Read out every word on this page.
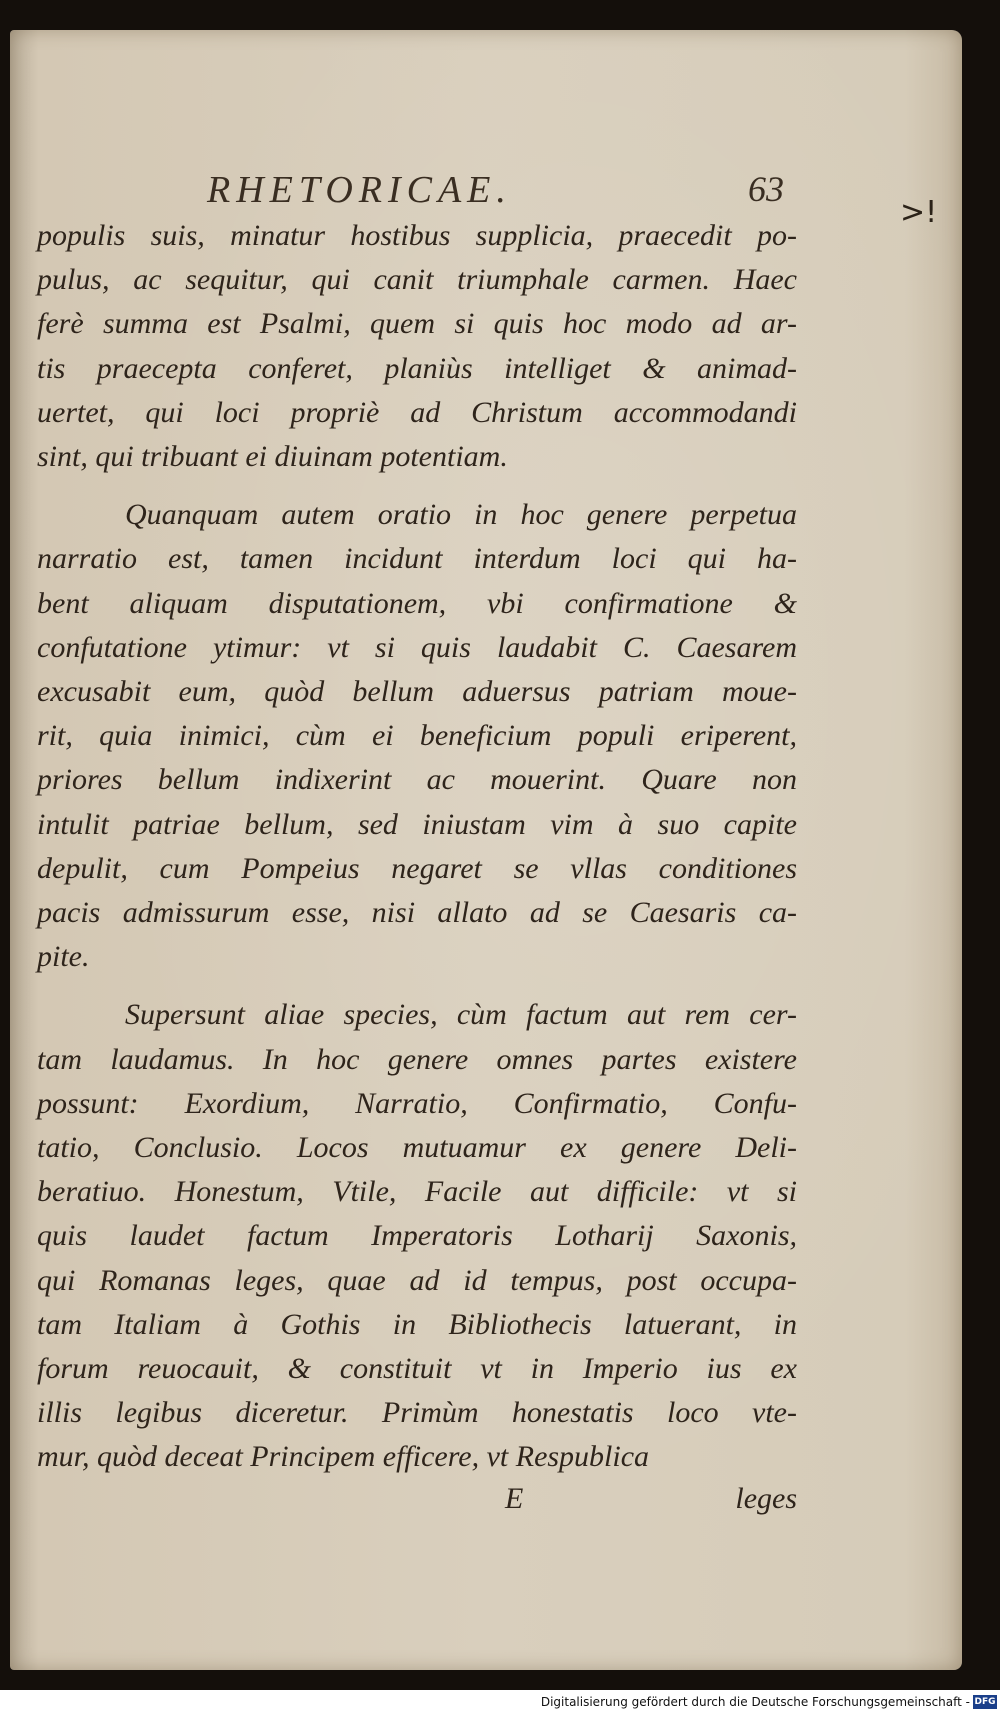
RHETORICAE.	63
>!
populis suis, minatur hostibus supplicia, praecedit po-
pulus, ac sequitur, qui canit triumphale carmen. Haec
ferè summa est Psalmi, quem si quis hoc modo ad ar-
tis praecepta conferet, planiùs intelliget & animad-
uertet, qui loci propriè ad Christum accommodandi
sint, qui tribuant ei diuinam potentiam.
Quanquam autem oratio in hoc genere perpetua
narratio est, tamen incidunt interdum loci qui ha-
bent aliquam disputationem, vbi confirmatione &
confutatione ytimur: vt si quis laudabit C. Caesarem
excusabit eum, quòd bellum aduersus patriam moue-
rit, quia inimici, cùm ei beneficium populi eriperent,
priores bellum indixerint ac mouerint. Quare non
intulit patriae bellum, sed iniustam vim à suo capite
depulit, cum Pompeius negaret se vllas conditiones
pacis admissurum esse, nisi allato ad se Caesaris ca-
pite.
Supersunt aliae species, cùm factum aut rem cer-
tam laudamus. In hoc genere omnes partes existere
possunt: Exordium, Narratio, Confirmatio, Confu-
tatio, Conclusio. Locos mutuamur ex genere Deli-
beratiuo. Honestum, Vtile, Facile aut difficile: vt si
quis laudet factum Imperatoris Lotharij Saxonis,
qui Romanas leges, quae ad id tempus, post occupa-
tam Italiam à Gothis in Bibliothecis latuerant, in
forum reuocauit, & constituit vt in Imperio ius ex
illis legibus diceretur. Primùm honestatis loco vte-
mur, quòd deceat Principem efficere, vt Respublica
E	leges
Digitalisierung gefördert durch die Deutsche Forschungsgemeinschaft - DFG
